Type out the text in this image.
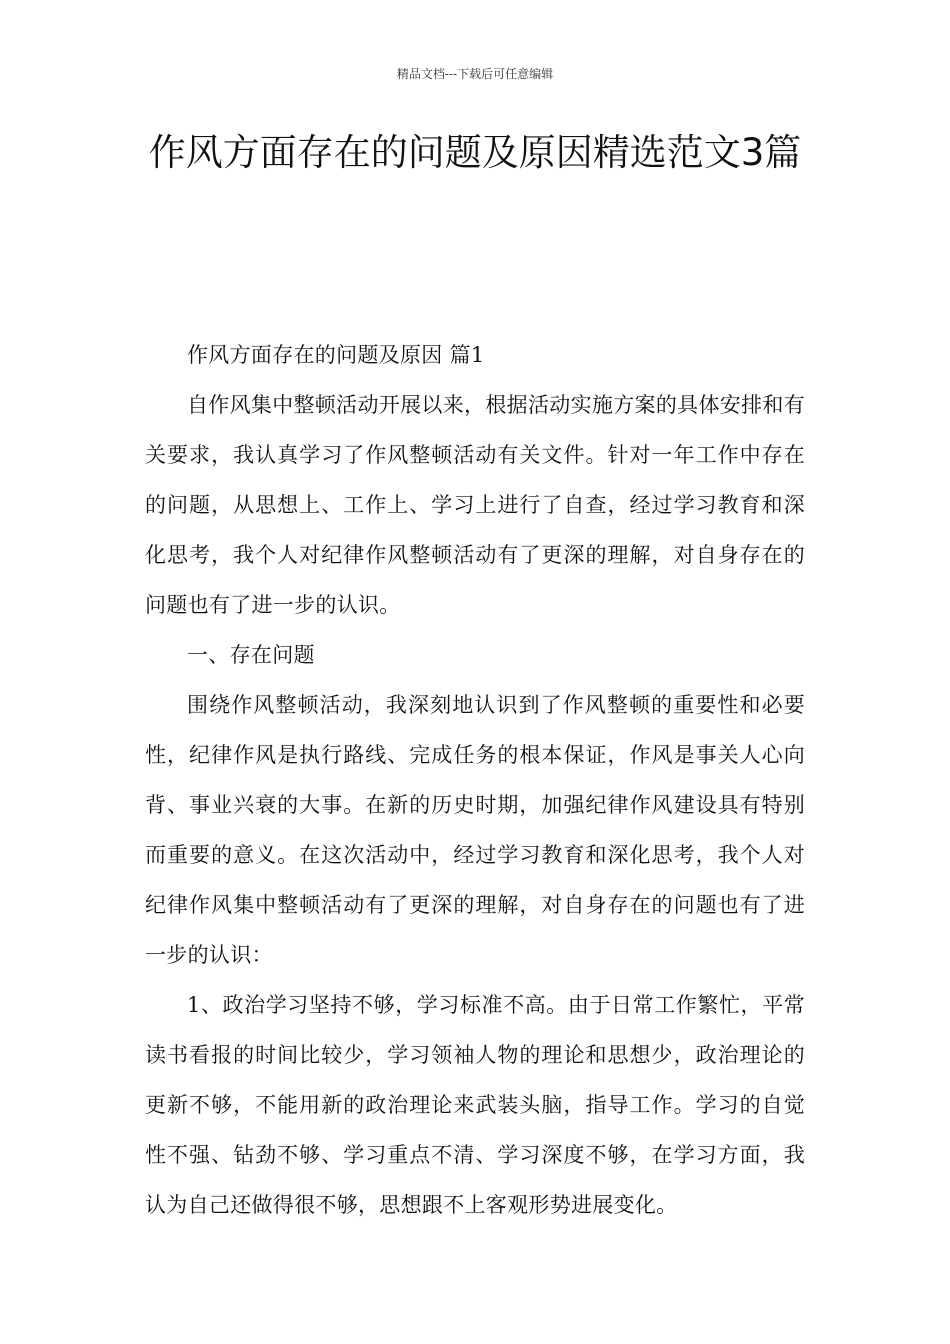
精品文档---下载后可任意编辑
作风方面存在的问题及原因精选范文3篇

作风方面存在的问题及原因 篇1

自作风集中整顿活动开展以来，根据活动实施方案的具体安排和有关要求，我认真学习了作风整顿活动有关文件。针对一年工作中存在的问题，从思想上、工作上、学习上进行了自查，经过学习教育和深化思考，我个人对纪律作风整顿活动有了更深的理解，对自身存在的问题也有了进一步的认识。

一、存在问题

围绕作风整顿活动，我深刻地认识到了作风整顿的重要性和必要性，纪律作风是执行路线、完成任务的根本保证，作风是事关人心向背、事业兴衰的大事。在新的历史时期，加强纪律作风建设具有特别而重要的意义。在这次活动中，经过学习教育和深化思考，我个人对纪律作风集中整顿活动有了更深的理解，对自身存在的问题也有了进一步的认识：

1、政治学习坚持不够，学习标准不高。由于日常工作繁忙，平常读书看报的时间比较少，学习领袖人物的理论和思想少，政治理论的更新不够，不能用新的政治理论来武装头脑，指导工作。学习的自觉性不强、钻劲不够、学习重点不清、学习深度不够，在学习方面，我认为自己还做得很不够，思想跟不上客观形势进展变化。
